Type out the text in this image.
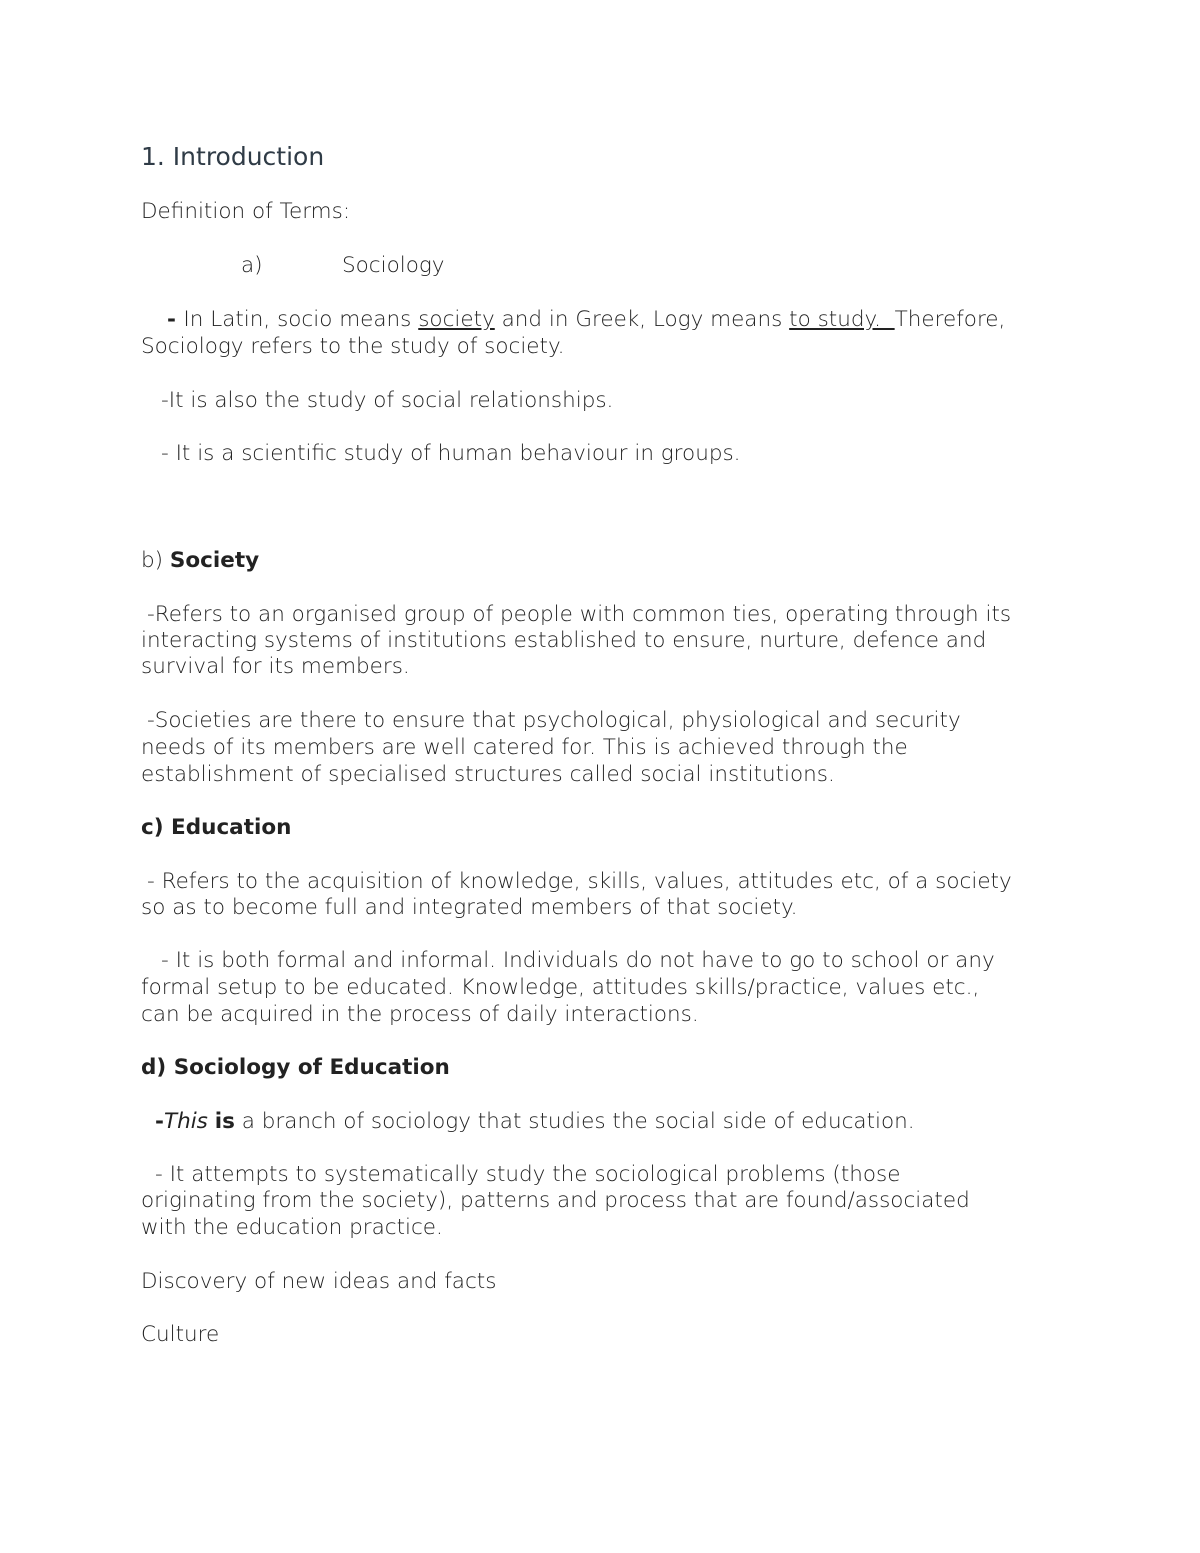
1. Introduction
Definition of Terms:
a)	Sociology
- In Latin, socio means society and in Greek, Logy means to study.  Therefore,
Sociology refers to the study of society.
-It is also the study of social relationships.
- It is a scientific study of human behaviour in groups.
b) Society
-Refers to an organised group of people with common ties, operating through its
interacting systems of institutions established to ensure, nurture, defence and
survival for its members.
-Societies are there to ensure that psychological, physiological and security
needs of its members are well catered for. This is achieved through the
establishment of specialised structures called social institutions.
c) Education
- Refers to the acquisition of knowledge, skills, values, attitudes etc, of a society
so as to become full and integrated members of that society.
- It is both formal and informal. Individuals do not have to go to school or any
formal setup to be educated. Knowledge, attitudes skills/practice, values etc.,
can be acquired in the process of daily interactions.
d) Sociology of Education
-This is a branch of sociology that studies the social side of education.
- It attempts to systematically study the sociological problems (those
originating from the society), patterns and process that are found/associated
with the education practice.
Discovery of new ideas and facts
Culture
